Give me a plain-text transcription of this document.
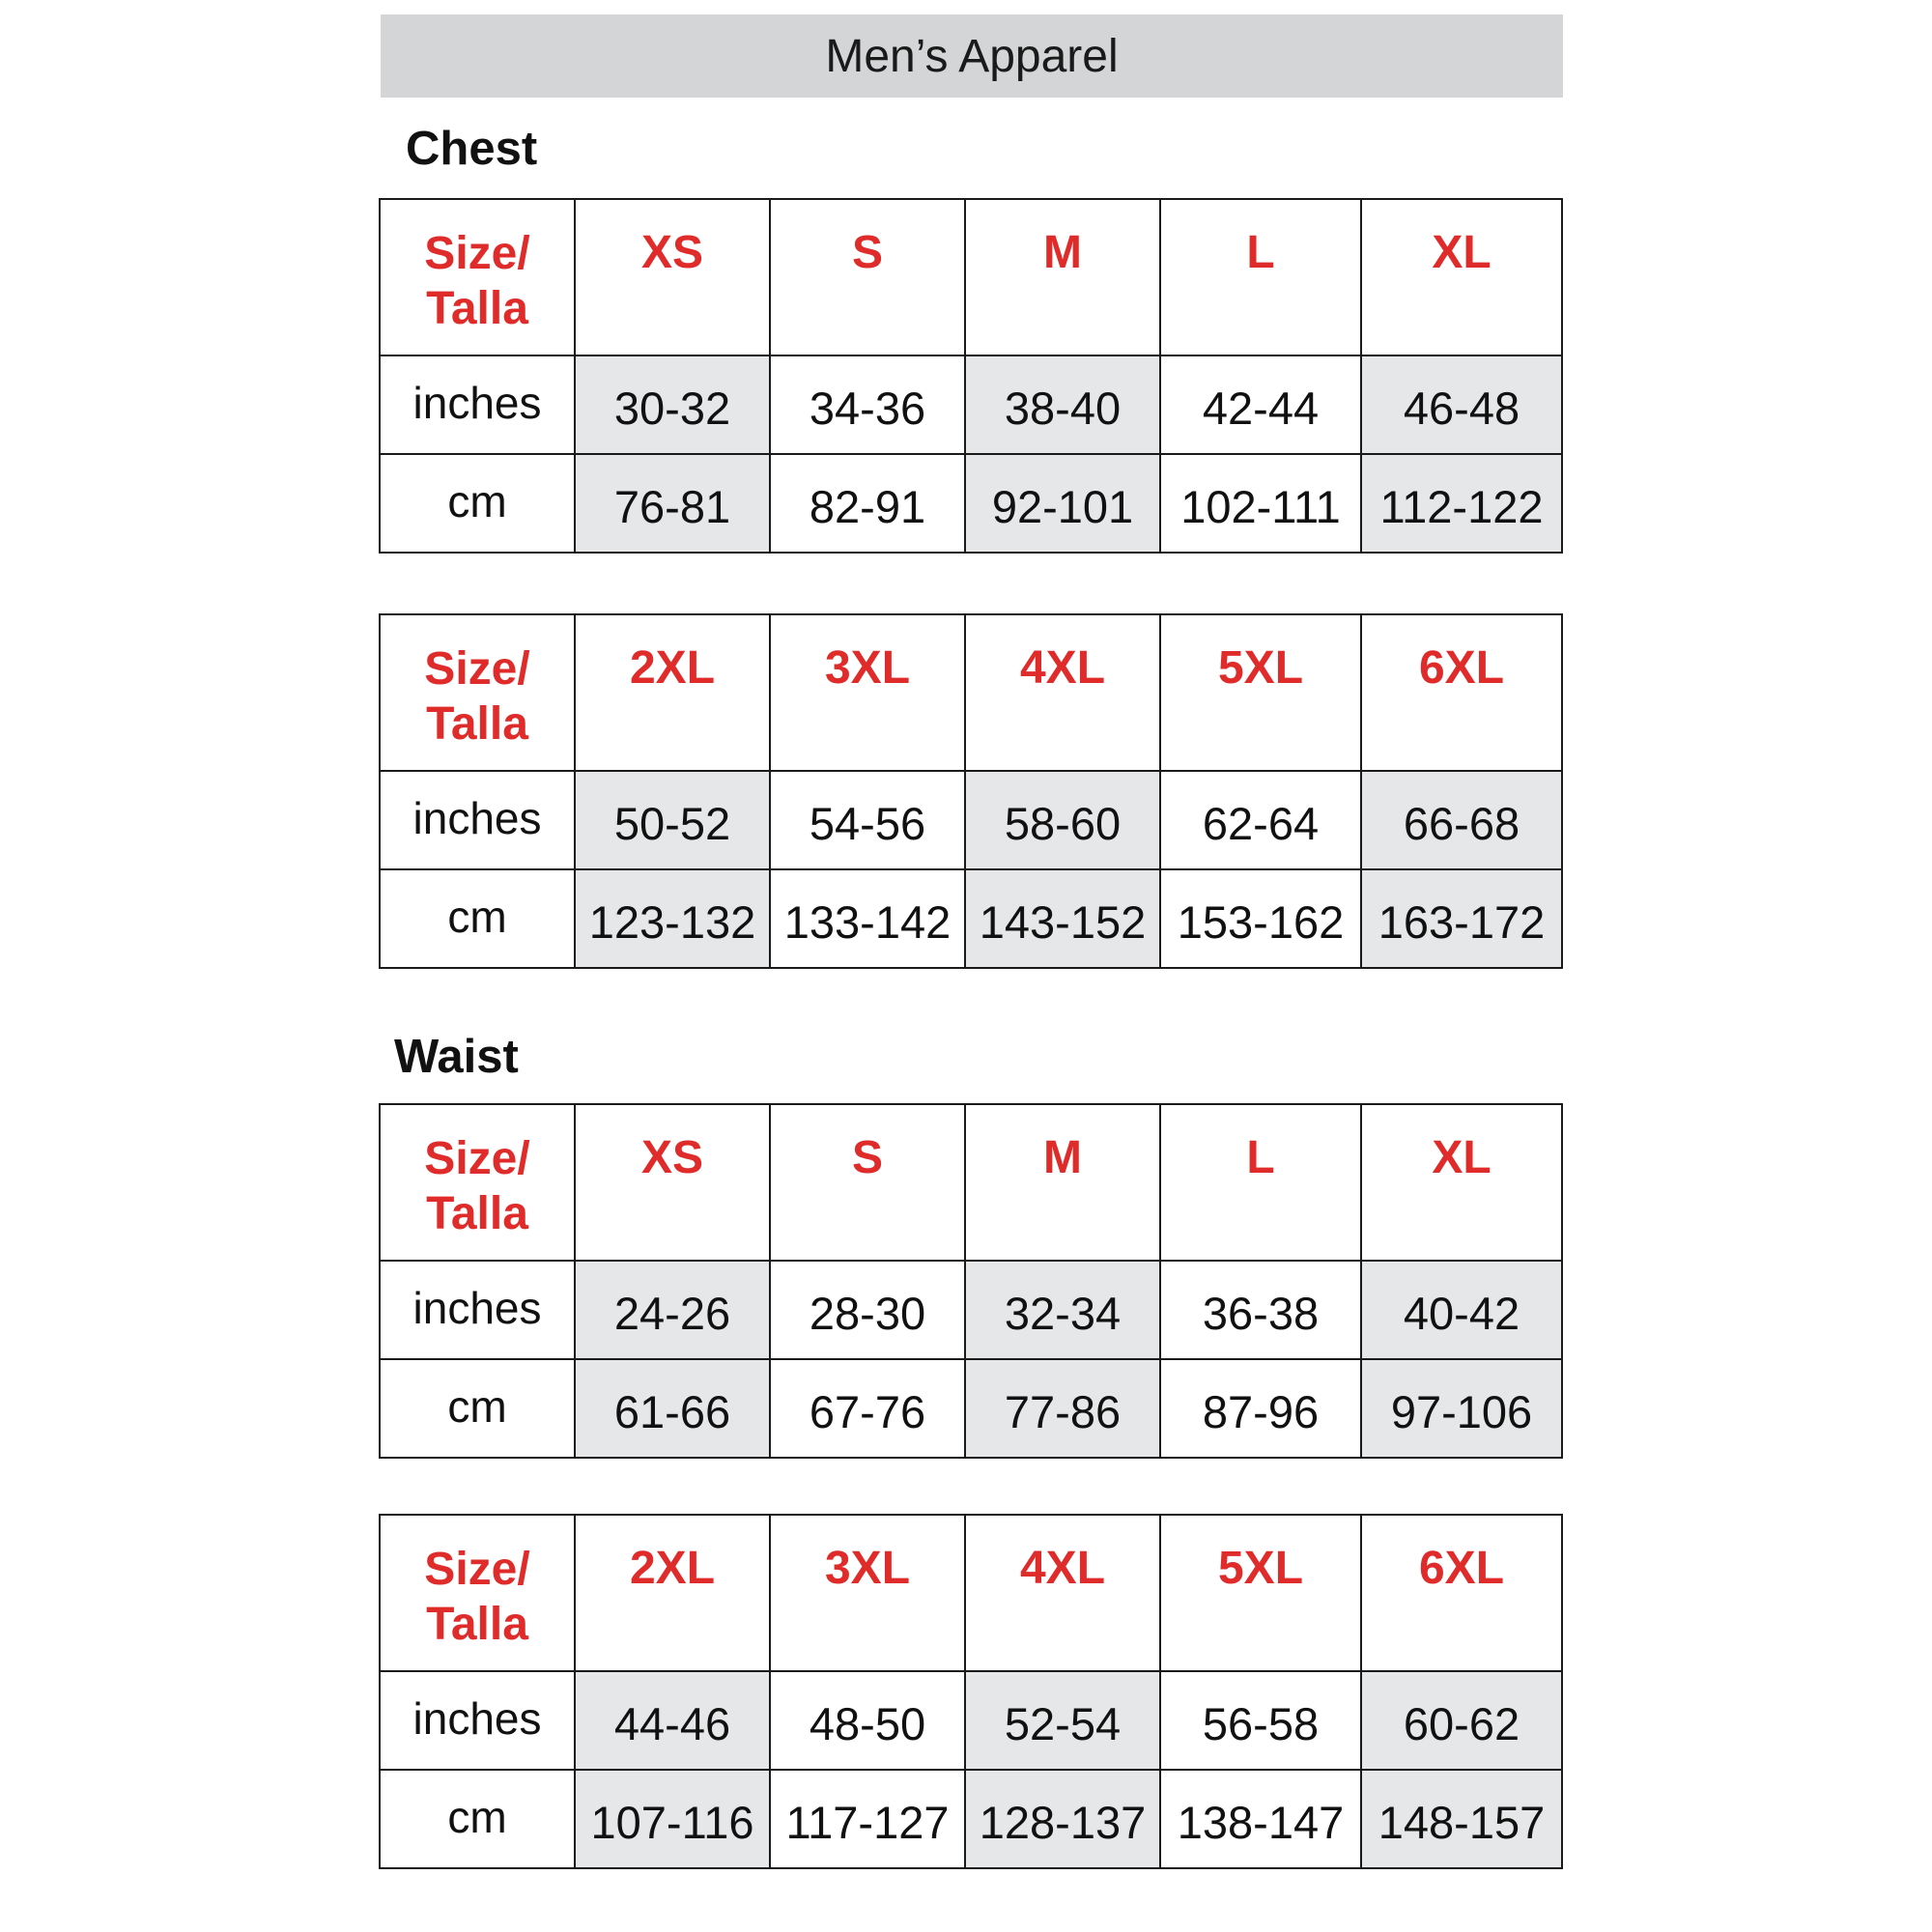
Men’s Apparel
Chest
Size/ Talla	XS	S	M	L	XL
inches	30-32	34-36	38-40	42-44	46-48
cm	76-81	82-91	92-101	102-111	112-122
Size/ Talla	2XL	3XL	4XL	5XL	6XL
inches	50-52	54-56	58-60	62-64	66-68
cm	123-132	133-142	143-152	153-162	163-172
Waist
Size/ Talla	XS	S	M	L	XL
inches	24-26	28-30	32-34	36-38	40-42
cm	61-66	67-76	77-86	87-96	97-106
Size/ Talla	2XL	3XL	4XL	5XL	6XL
inches	44-46	48-50	52-54	56-58	60-62
cm	107-116	117-127	128-137	138-147	148-157
